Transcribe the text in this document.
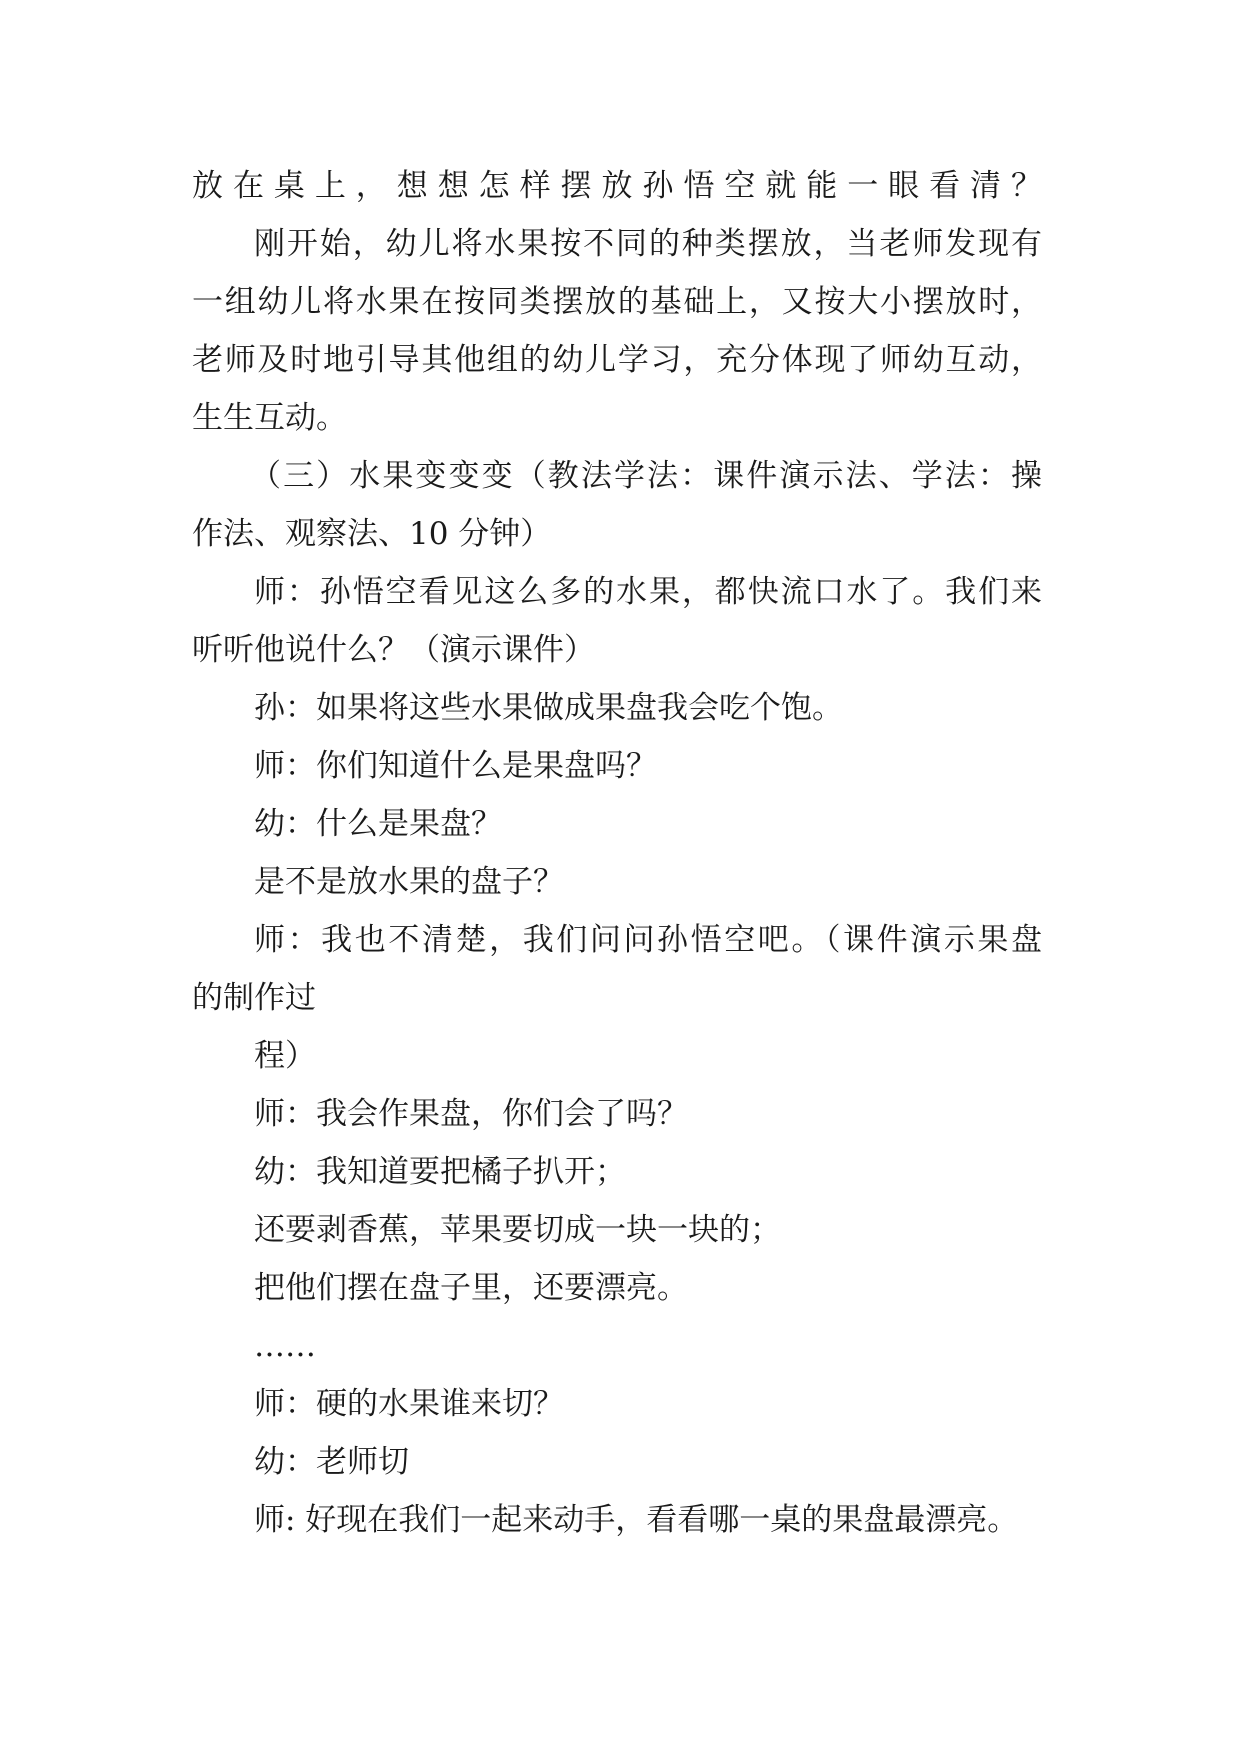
放在桌上，想想怎样摆放孙悟空就能一眼看清？
刚开始，幼儿将水果按不同的种类摆放，当老师发现有
一组幼儿将水果在按同类摆放的基础上，又按大小摆放时，
老师及时地引导其他组的幼儿学习，充分体现了师幼互动，
生生互动。
（三）水果变变变（教法学法：课件演示法、学法：操
作法、观察法、10 分钟）
师：孙悟空看见这么多的水果，都快流口水了。我们来
听听他说什么？（演示课件）
孙：如果将这些水果做成果盘我会吃个饱。
师：你们知道什么是果盘吗？
幼：什么是果盘？
是不是放水果的盘子？
师：我也不清楚，我们问问孙悟空吧。（课件演示果盘
的制作过
程）
师：我会作果盘，你们会了吗？
幼：我知道要把橘子扒开；
还要剥香蕉，苹果要切成一块一块的；
把他们摆在盘子里，还要漂亮。
……
师：硬的水果谁来切？
幼：老师切
师: 好现在我们一起来动手，看看哪一桌的果盘最漂亮。
